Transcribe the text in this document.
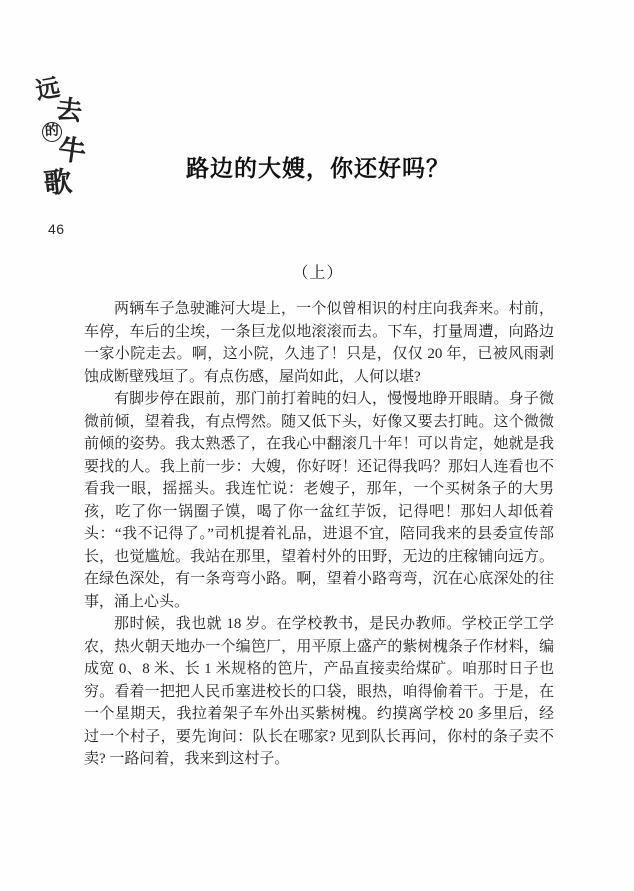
远
去
的
牛
歌
46
路边的大嫂，你还好吗？
（上）

两辆车子急驶濉河大堤上，一个似曾相识的村庄向我奔来。村前，车停，车后的尘埃，一条巨龙似地滚滚而去。下车，打量周遭，向路边一家小院走去。啊，这小院，久违了！只是，仅仅 20 年，已被风雨剥蚀成断壁残垣了。有点伤感，屋尚如此，人何以堪?

有脚步停在跟前，那门前打着盹的妇人，慢慢地睁开眼睛。身子微微前倾，望着我，有点愕然。随又低下头，好像又要去打盹。这个微微前倾的姿势。我太熟悉了，在我心中翻滚几十年！可以肯定，她就是我要找的人。我上前一步：大嫂，你好呀！还记得我吗？那妇人连看也不看我一眼，摇摇头。我连忙说：老嫂子，那年，一个买树条子的大男孩，吃了你一锅圈子馍，喝了你一盆红芋饭，记得吧！那妇人却低着头：“我不记得了。”司机提着礼品，进退不宜，陪同我来的县委宣传部长，也觉尴尬。我站在那里，望着村外的田野，无边的庄稼铺向远方。在绿色深处，有一条弯弯小路。啊，望着小路弯弯，沉在心底深处的往事，涌上心头。

那时候，我也就 18 岁。在学校教书，是民办教师。学校正学工学农，热火朝天地办一个编笆厂，用平原上盛产的紫树槐条子作材料，编成宽 0、8 米、长 1 米规格的笆片，产品直接卖给煤矿。咱那时日子也穷。看着一把把人民币塞进校长的口袋，眼热，咱得偷着干。于是，在一个星期天，我拉着架子车外出买紫树槐。约摸离学校 20 多里后，经过一个村子，要先询问：队长在哪家? 见到队长再问，你村的条子卖不卖? 一路问着，我来到这村子。
